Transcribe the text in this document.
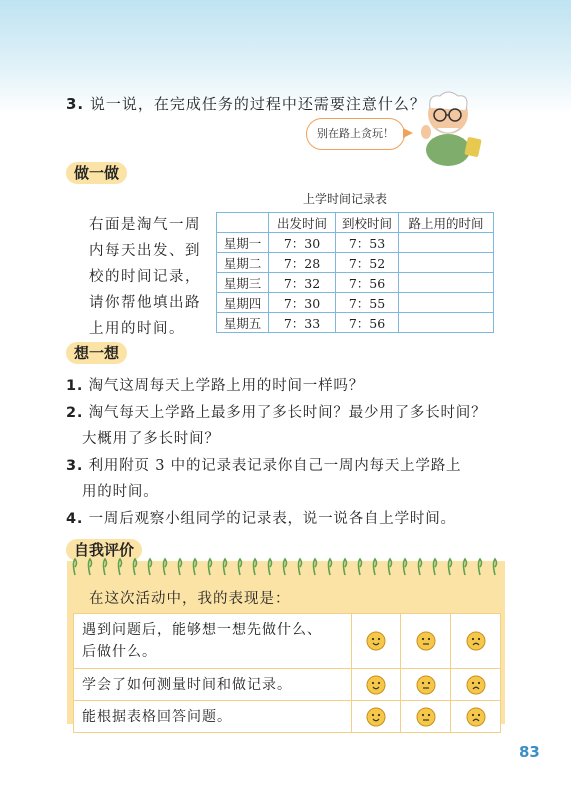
3. 说一说，在完成任务的过程中还需要注意什么？
别在路上贪玩！
做一做
右面是淘气一周
内每天出发、到
校的时间记录，
请你帮他填出路
上用的时间。
上学时间记录表
	出发时间	到校时间	路上用的时间
星期一	7：30	7：53	
星期二	7：28	7：52	
星期三	7：32	7：56	
星期四	7：30	7：55	
星期五	7：33	7：56	
想一想

1. 淘气这周每天上学路上用的时间一样吗？

2. 淘气每天上学路上最多用了多长时间？最少用了多长时间？

大概用了多长时间？

3. 利用附页 3 中的记录表记录你自己一周内每天上学路上

用的时间。

4. 一周后观察小组同学的记录表，说一说各自上学时间。

自我评价
在这次活动中，我的表现是：
遇到问题后，能够想一想先做什么、
后做什么。			
学会了如何测量时间和做记录。			
能根据表格回答问题。			
83
